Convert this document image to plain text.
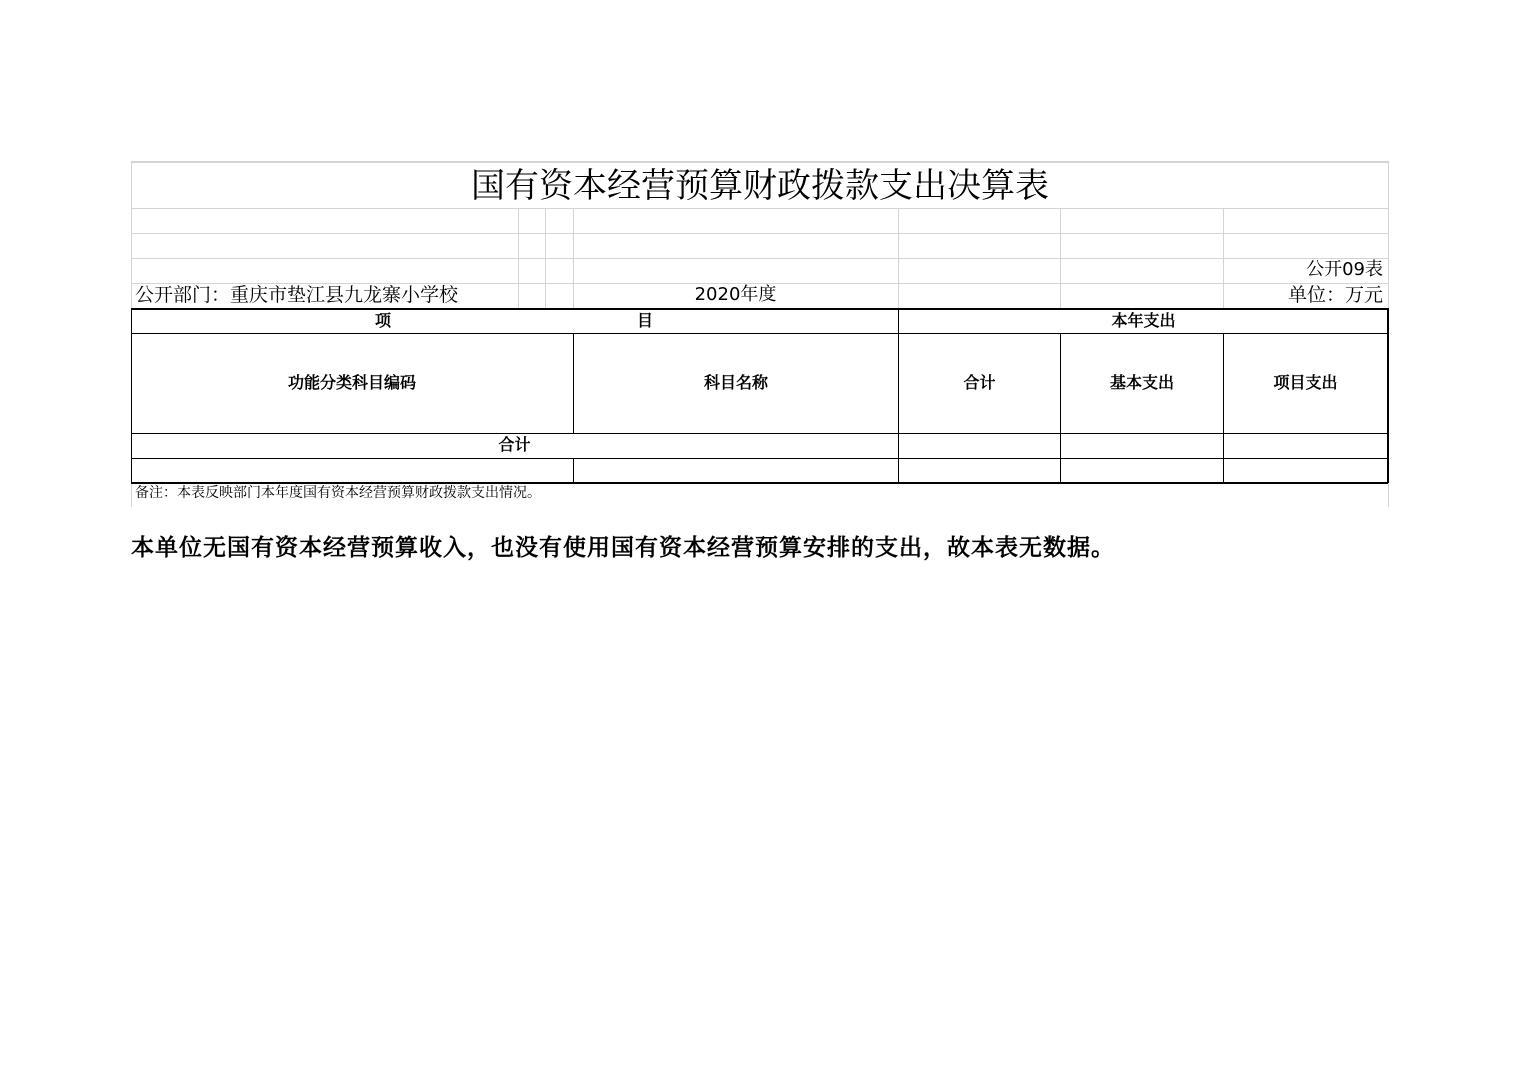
国有资本经营预算财政拨款支出决算表
公开09表
公开部门：重庆市垫江县九龙寨小学校	2020年度	单位：万元
项	目	本年支出
功能分类科目编码	科目名称	合计	基本支出	项目支出
合计
备注：本表反映部门本年度国有资本经营预算财政拨款支出情况。
本单位无国有资本经营预算收入，也没有使用国有资本经营预算安排的支出，故本表无数据。
